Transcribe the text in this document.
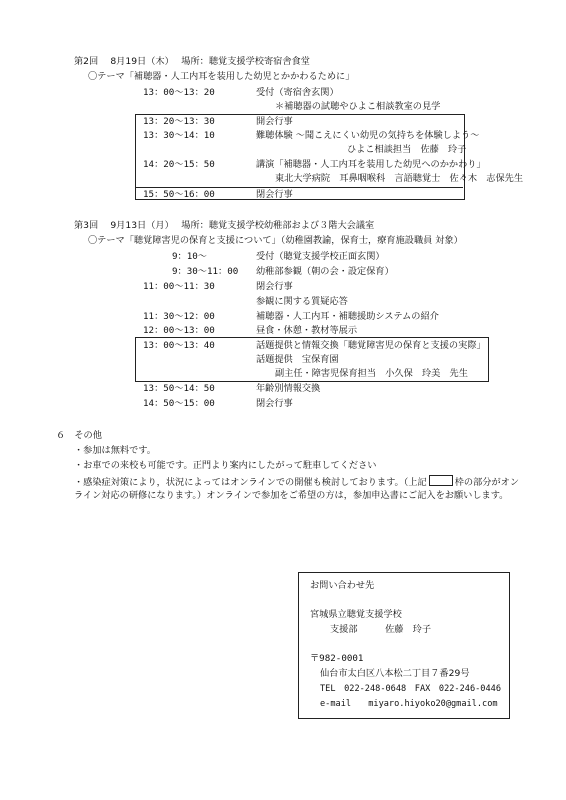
第2回　 8月19日（木）　 場所：聴覚支援学校寄宿舎食堂
〇テーマ「補聴器・人工内耳を装用した幼児とかかわるために」
13：00～13：20	受付（寄宿舎玄関）
＊補聴器の試聴やひよこ相談教室の見学
13：20～13：30	開会行事
13：30～14：10	難聴体験 ～聞こえにくい幼児の気持ちを体験しよう～
ひよこ相談担当　佐藤　玲子
14：20～15：50	講演「補聴器・人工内耳を装用した幼児へのかかわり」
東北大学病院　耳鼻咽喉科　言語聴覚士　佐々木　志保先生
15：50～16：00	閉会行事
第3回　 9月13日（月）　 場所：聴覚支援学校幼稚部および３階大会議室
〇テーマ「聴覚障害児の保育と支援について」（幼稚園教諭，保育士，療育施設職員 対象）
9：10～	受付（聴覚支援学校正面玄関）
9：30～11：00 幼稚部参観（朝の会・設定保育）
11：00～11：30	閉会行事
参観に関する質疑応答
11：30～12：00	補聴器・人工内耳・補聴援助システムの紹介
12：00～13：00	昼食・休憩・教材等展示
13：00～13：40	話題提供と情報交換「聴覚障害児の保育と支援の実際」
話題提供　宝保育園
副主任・障害児保育担当　小久保　玲美　先生
13：50～14：50	年齢別情報交換
14：50～15：00	閉会行事
６　その他
・参加は無料です。
・お車での来校も可能です。正門より案内にしたがって駐車してください
・感染症対策により，状況によってはオンラインでの開催も検討しております。（上記	枠の部分がオン
ライン対応の研修になります。）オンラインで参加をご希望の方は，参加申込書にご記入をお願いします。
お問い合わせ先
宮城県立聴覚支援学校
支援部　　　佐藤　玲子
〒982-0001
仙台市太白区八本松二丁目７番29号
TEL　022-248-0648　FAX　022-246-0446
e-mail　　miyaro.hiyoko20@gmail.com
